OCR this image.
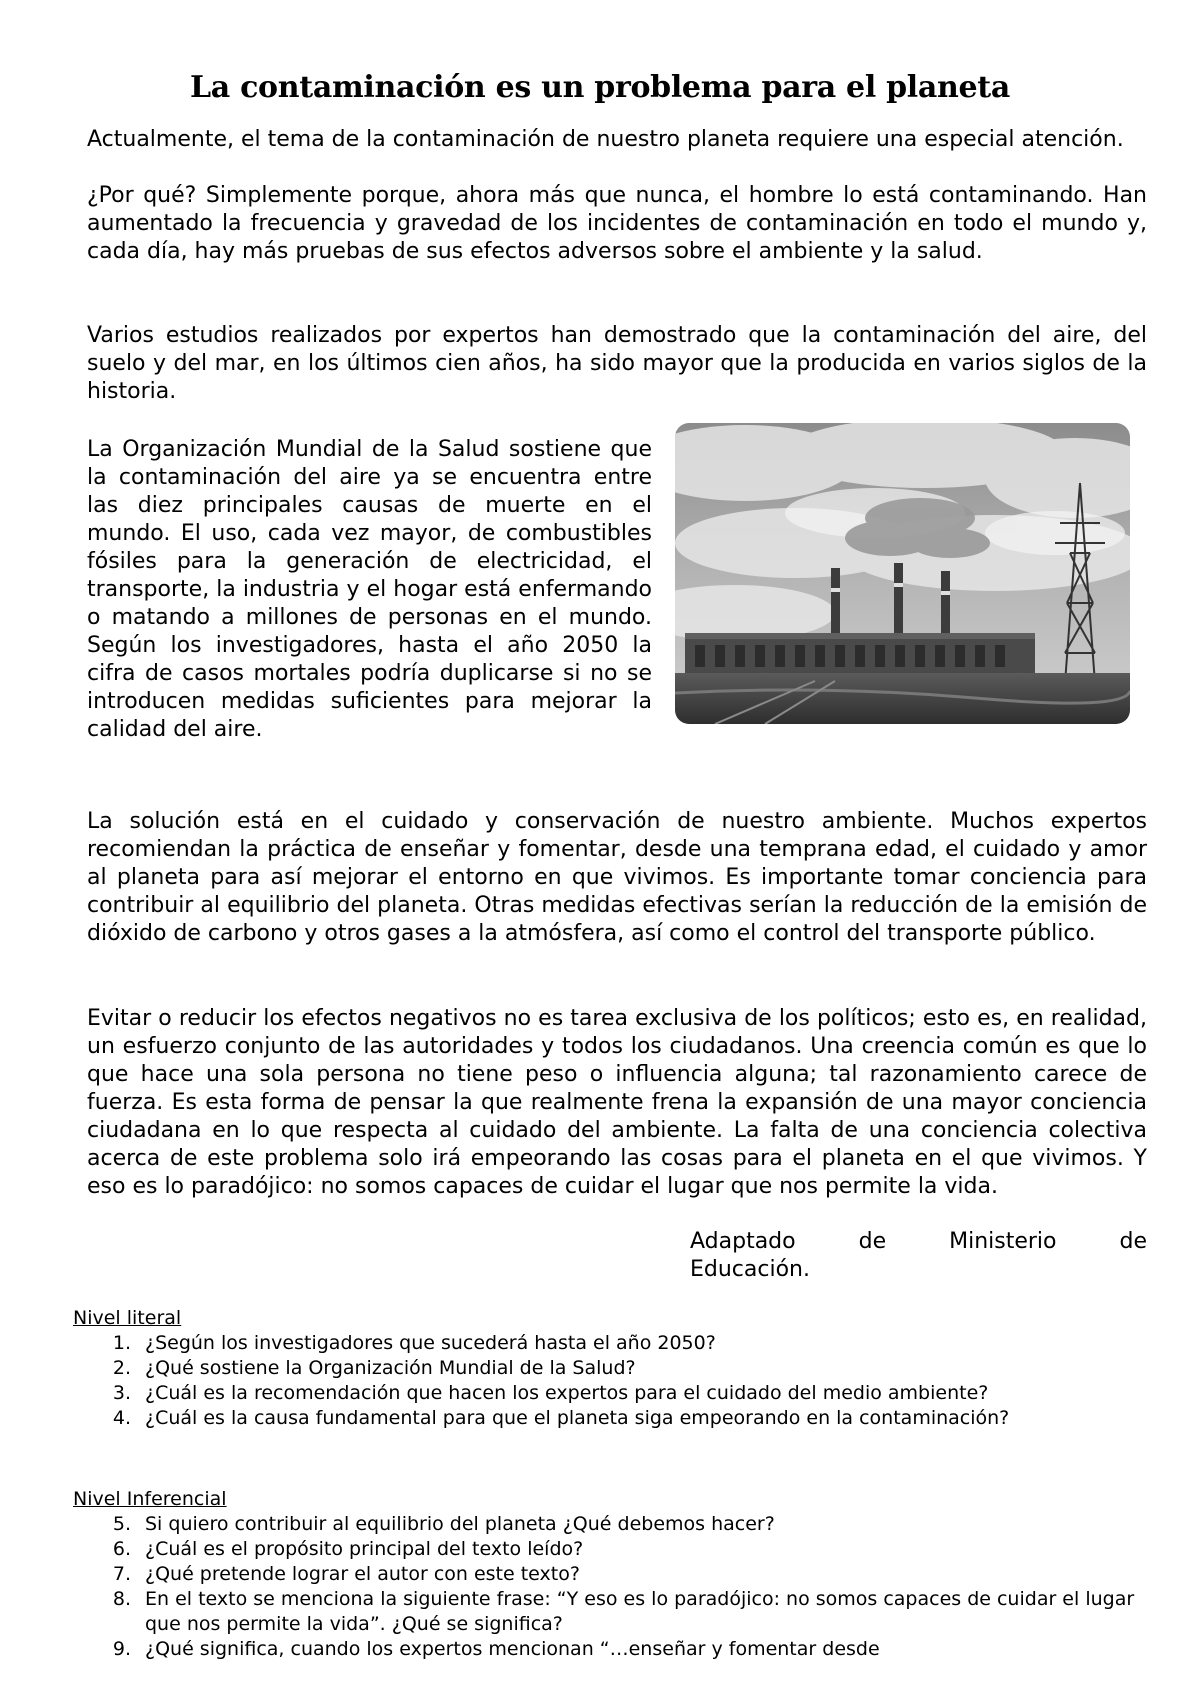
La contaminación es un problema para el planeta

Actualmente, el tema de la contaminación de nuestro planeta requiere una especial atención.

¿Por qué? Simplemente porque, ahora más que nunca, el hombre lo está contaminando. Han aumentado la frecuencia y gravedad de los incidentes de contaminación en todo el mundo y, cada día, hay más pruebas de sus efectos adversos sobre el ambiente y la salud.

Varios estudios realizados por expertos han demostrado que la contaminación del aire, del suelo y del mar, en los últimos cien años, ha sido mayor que la producida en varios siglos de la historia.

La Organización Mundial de la Salud sostiene que la contaminación del aire ya se encuentra entre las diez principales causas de muerte en el mundo. El uso, cada vez mayor, de combustibles fósiles para la generación de electricidad, el transporte, la industria y el hogar está enfermando o matando a millones de personas en el mundo. Según los investigadores, hasta el año 2050 la cifra de casos mortales podría duplicarse si no se introducen medidas suficientes para mejorar la calidad del aire.

La solución está en el cuidado y conservación de nuestro ambiente. Muchos expertos recomiendan la práctica de enseñar y fomentar, desde una temprana edad, el cuidado y amor al planeta para así mejorar el entorno en que vivimos. Es importante tomar conciencia para contribuir al equilibrio del planeta. Otras medidas efectivas serían la reducción de la emisión de dióxido de carbono y otros gases a la atmósfera, así como el control del transporte público.

Evitar o reducir los efectos negativos no es tarea exclusiva de los políticos; esto es, en realidad, un esfuerzo conjunto de las autoridades y todos los ciudadanos. Una creencia común es que lo que hace una sola persona no tiene peso o influencia alguna; tal razonamiento carece de fuerza. Es esta forma de pensar la que realmente frena la expansión de una mayor conciencia ciudadana en lo que respecta al cuidado del ambiente. La falta de una conciencia colectiva acerca de este problema solo irá empeorando las cosas para el planeta en el que vivimos. Y eso es lo paradójico: no somos capaces de cuidar el lugar que nos permite la vida.

Adaptado	de	Ministerio	de
Educación.

Nivel literal

1. ¿Según los investigadores que sucederá hasta el año 2050?
2. ¿Qué sostiene la Organización Mundial de la Salud?
3. ¿Cuál es la recomendación que hacen los expertos para el cuidado del medio ambiente?
4. ¿Cuál es la causa fundamental para que el planeta siga empeorando en la contaminación?

Nivel Inferencial

5. Si quiero contribuir al equilibrio del planeta ¿Qué debemos hacer?
6. ¿Cuál es el propósito principal del texto leído?
7. ¿Qué pretende lograr el autor con este texto?
8. En el texto se menciona la siguiente frase: “Y eso es lo paradójico: no somos capaces de cuidar el lugar que nos permite la vida”. ¿Qué se significa?
9. ¿Qué significa, cuando los expertos mencionan “…enseñar y fomentar desde
